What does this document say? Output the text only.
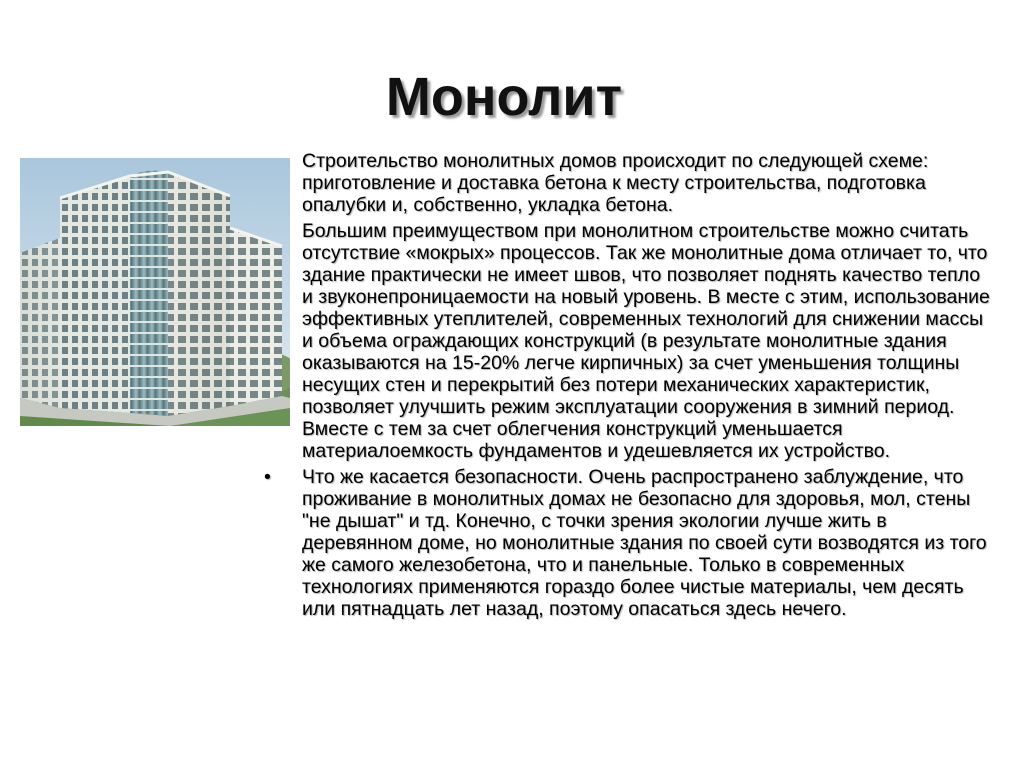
Монолит

Строительство монолитных домов происходит по следующей схеме: приготовление и доставка бетона к месту строительства, подготовка опалубки и, собственно, укладка бетона.

Большим преимуществом при монолитном строительстве можно считать отсутствие «мокрых» процессов. Так же монолитные дома отличает то, что здание практически не имеет швов, что позволяет поднять качество тепло и звуконепроницаемости на новый уровень. В месте с этим, использование эффективных утеплителей, современных технологий для снижении массы и объема ограждающих конструкций (в результате монолитные здания оказываются на 15-20% легче кирпичных) за счет уменьшения толщины несущих стен и перекрытий без потери механических характеристик, позволяет улучшить режим эксплуатации сооружения в зимний период. Вместе с тем за счет облегчения конструкций уменьшается материалоемкость фундаментов и удешевляется их устройство.

• Что же касается безопасности. Очень распространено заблуждение, что проживание в монолитных домах не безопасно для здоровья, мол, стены "не дышат" и тд. Конечно, с точки зрения экологии лучше жить в деревянном доме, но монолитные здания по своей сути возводятся из того же самого железобетона, что и панельные. Только в современных технологиях применяются гораздо более чистые материалы, чем десять или пятнадцать лет назад, поэтому опасаться здесь нечего.
